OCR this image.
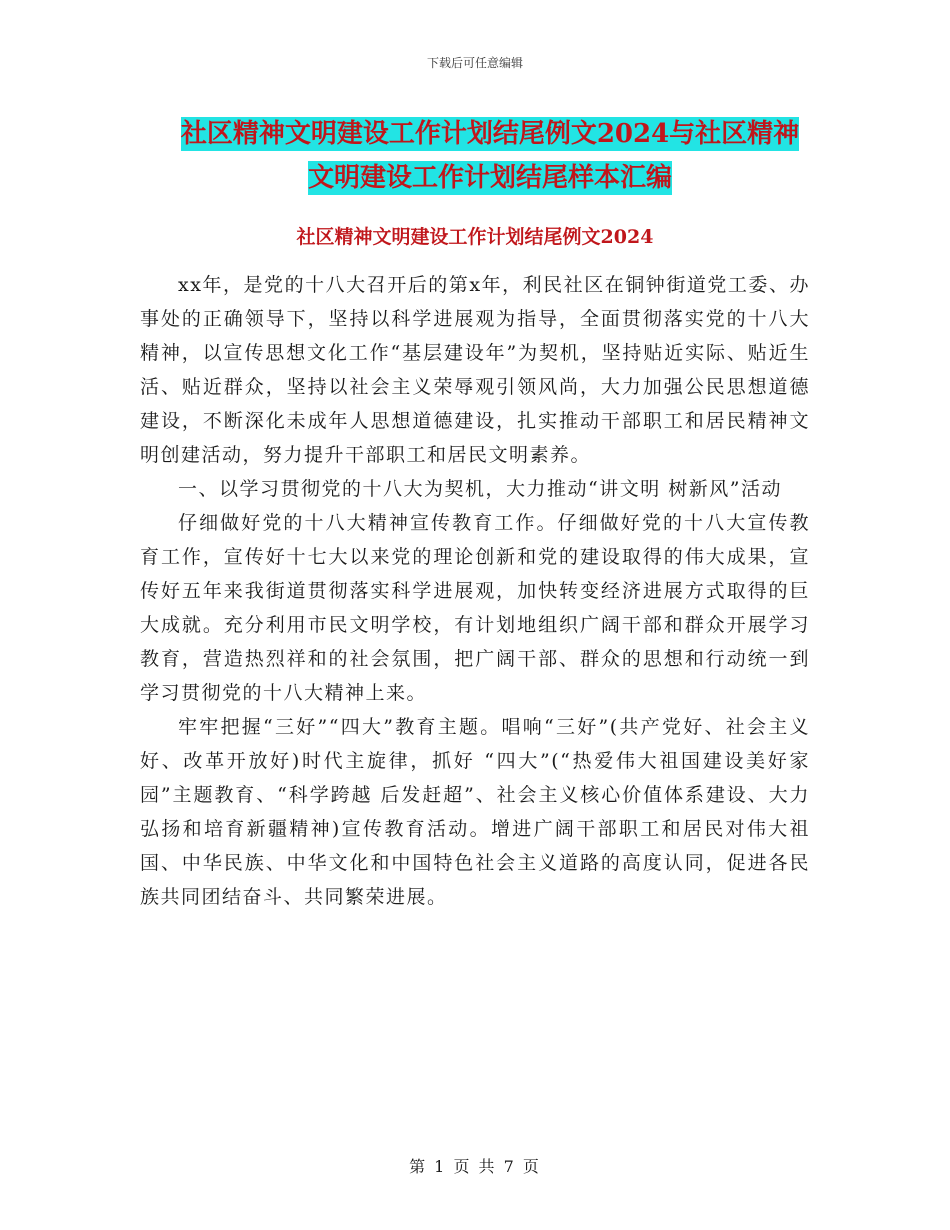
下载后可任意编辑
社区精神文明建设工作计划结尾例文2024与社区精神
文明建设工作计划结尾样本汇编
社区精神文明建设工作计划结尾例文2024

xx年，是党的十八大召开后的第x年，利民社区在铜钟街道党工委、办事处的正确领导下，坚持以科学进展观为指导，全面贯彻落实党的十八大精神，以宣传思想文化工作“基层建设年”为契机，坚持贴近实际、贴近生活、贴近群众，坚持以社会主义荣辱观引领风尚，大力加强公民思想道德建设，不断深化未成年人思想道德建设，扎实推动干部职工和居民精神文明创建活动，努力提升干部职工和居民文明素养。

一、以学习贯彻党的十八大为契机，大力推动“讲文明 树新风”活动

仔细做好党的十八大精神宣传教育工作。仔细做好党的十八大宣传教育工作，宣传好十七大以来党的理论创新和党的建设取得的伟大成果，宣传好五年来我街道贯彻落实科学进展观，加快转变经济进展方式取得的巨大成就。充分利用市民文明学校，有计划地组织广阔干部和群众开展学习教育，营造热烈祥和的社会氛围，把广阔干部、群众的思想和行动统一到学习贯彻党的十八大精神上来。

牢牢把握“三好”“四大”教育主题。唱响“三好”(共产党好、社会主义好、改革开放好)时代主旋律，抓好 “四大”(“热爱伟大祖国建设美好家园”主题教育、“科学跨越 后发赶超”、社会主义核心价值体系建设、大力弘扬和培育新疆精神)宣传教育活动。增进广阔干部职工和居民对伟大祖国、中华民族、中华文化和中国特色社会主义道路的高度认同，促进各民族共同团结奋斗、共同繁荣进展。

第 1 页 共 7 页
